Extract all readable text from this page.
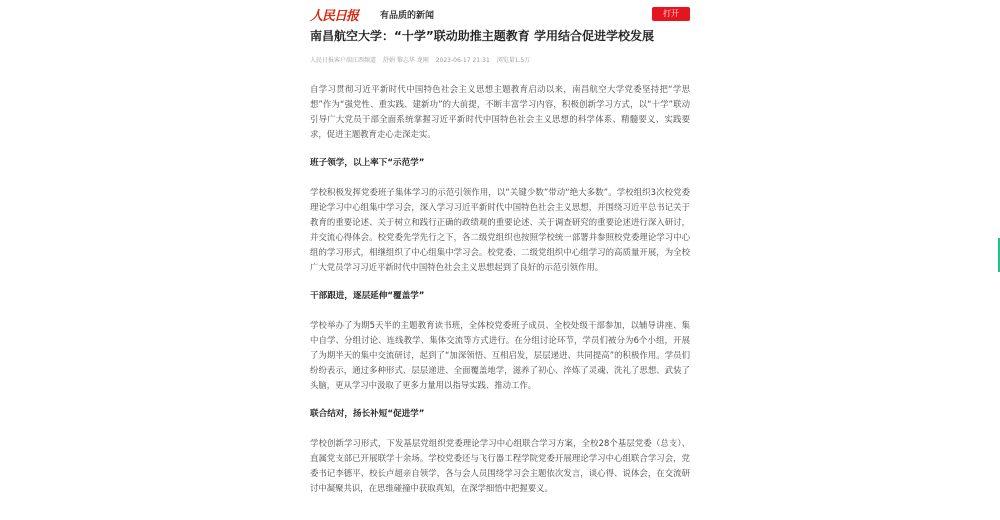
人民日报 有品质的新闻	打开
南昌航空大学：“十学”联动助推主题教育 学用结合促进学校发展
人民日报客户端江西频道 舒娟 黎志华 龙刚 2023-06-17 21:31 浏览量1.5万

自学习贯彻习近平新时代中国特色社会主义思想主题教育启动以来，南昌航空大学党委坚持把“学思想”作为“强党性、重实践、建新功”的大前提，不断丰富学习内容，积极创新学习方式，以“十学”联动引导广大党员干部全面系统掌握习近平新时代中国特色社会主义思想的科学体系、精髓要义、实践要求，促进主题教育走心走深走实。

班子领学，以上率下“示范学”

学校积极发挥党委班子集体学习的示范引领作用，以“关键少数”带动“绝大多数”。学校组织3次校党委理论学习中心组集中学习会，深入学习习近平新时代中国特色社会主义思想，并围绕习近平总书记关于教育的重要论述、关于树立和践行正确的政绩观的重要论述、关于调查研究的重要论述进行深入研讨，并交流心得体会。校党委先学先行之下，各二级党组织也按照学校统一部署并参照校党委理论学习中心组的学习形式，相继组织了中心组集中学习会。校党委、二级党组织中心组学习的高质量开展，为全校广大党员学习习近平新时代中国特色社会主义思想起到了良好的示范引领作用。

干部跟进，逐层延伸“覆盖学”

学校举办了为期5天半的主题教育读书班，全体校党委班子成员、全校处级干部参加，以辅导讲座、集中自学、分组讨论、连线教学、集体交流等方式进行。在分组讨论环节，学员们被分为6个小组，开展了为期半天的集中交流研讨，起到了“加深领悟、互相启发，层层递进、共同提高”的积极作用。学员们纷纷表示，通过多种形式、层层递进、全面覆盖地学，滋养了初心、淬炼了灵魂、洗礼了思想、武装了头脑，更从学习中汲取了更多力量用以指导实践、推动工作。

联合结对，扬长补短“促进学”

学校创新学习形式，下发基层党组织党委理论学习中心组联合学习方案，全校28个基层党委（总支）、直属党支部已开展联学十余场。学校党委还与飞行器工程学院党委开展理论学习中心组联合学习会，党委书记李德平、校长卢超亲自领学，各与会人员围绕学习会主题依次发言，谈心得、说体会，在交流研讨中凝聚共识，在思维碰撞中获取真知，在深学细悟中把握要义。
